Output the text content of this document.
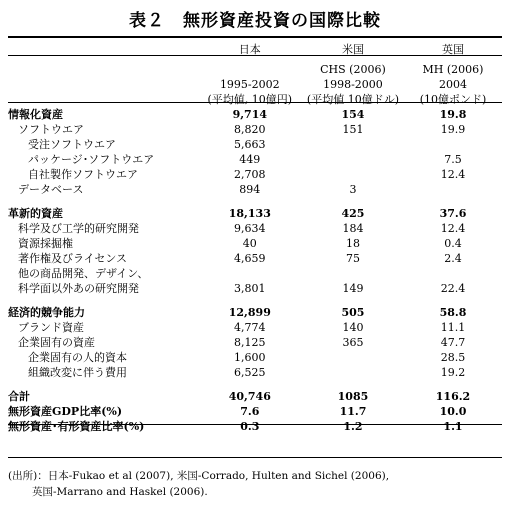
表２　無形資産投資の国際比較
	日本	米国	英国

		CHS (2006)	MH (2006)
	1995-2002	1998-2000	2004
	(平均値, 10億円)	(平均値 10億ドル)	(10億ポンド)
情報化資産	9,714	154	19.8
ソフトウエア	8,820	151	19.9
受注ソフトウエア	5,663		
パッケージ･ソフトウエア	449		7.5
自社製作ソフトウエア	2,708		12.4
データベース	894	3	

革新的資産	18,133	425	37.6
科学及び工学的研究開発	9,634	184	12.4
資源採掘権	40	18	0.4
著作権及びライセンス	4,659	75	2.4
他の商品開発、デザイン、			
科学面以外あの研究開発	3,801	149	22.4

経済的競争能力	12,899	505	58.8
ブランド資産	4,774	140	11.1
企業固有の資産	8,125	365	47.7
企業固有の人的資本	1,600		28.5
組織改変に伴う費用	6,525		19.2

合計	40,746	1085	116.2
無形資産GDP比率(%)	7.6	11.7	10.0
無形資産･有形資産比率(%)	0.3	1.2	1.1
(出所)：日本-Fukao et al (2007), 米国-Corrado, Hulten and Sichel (2006),
英国-Marrano and Haskel (2006).
